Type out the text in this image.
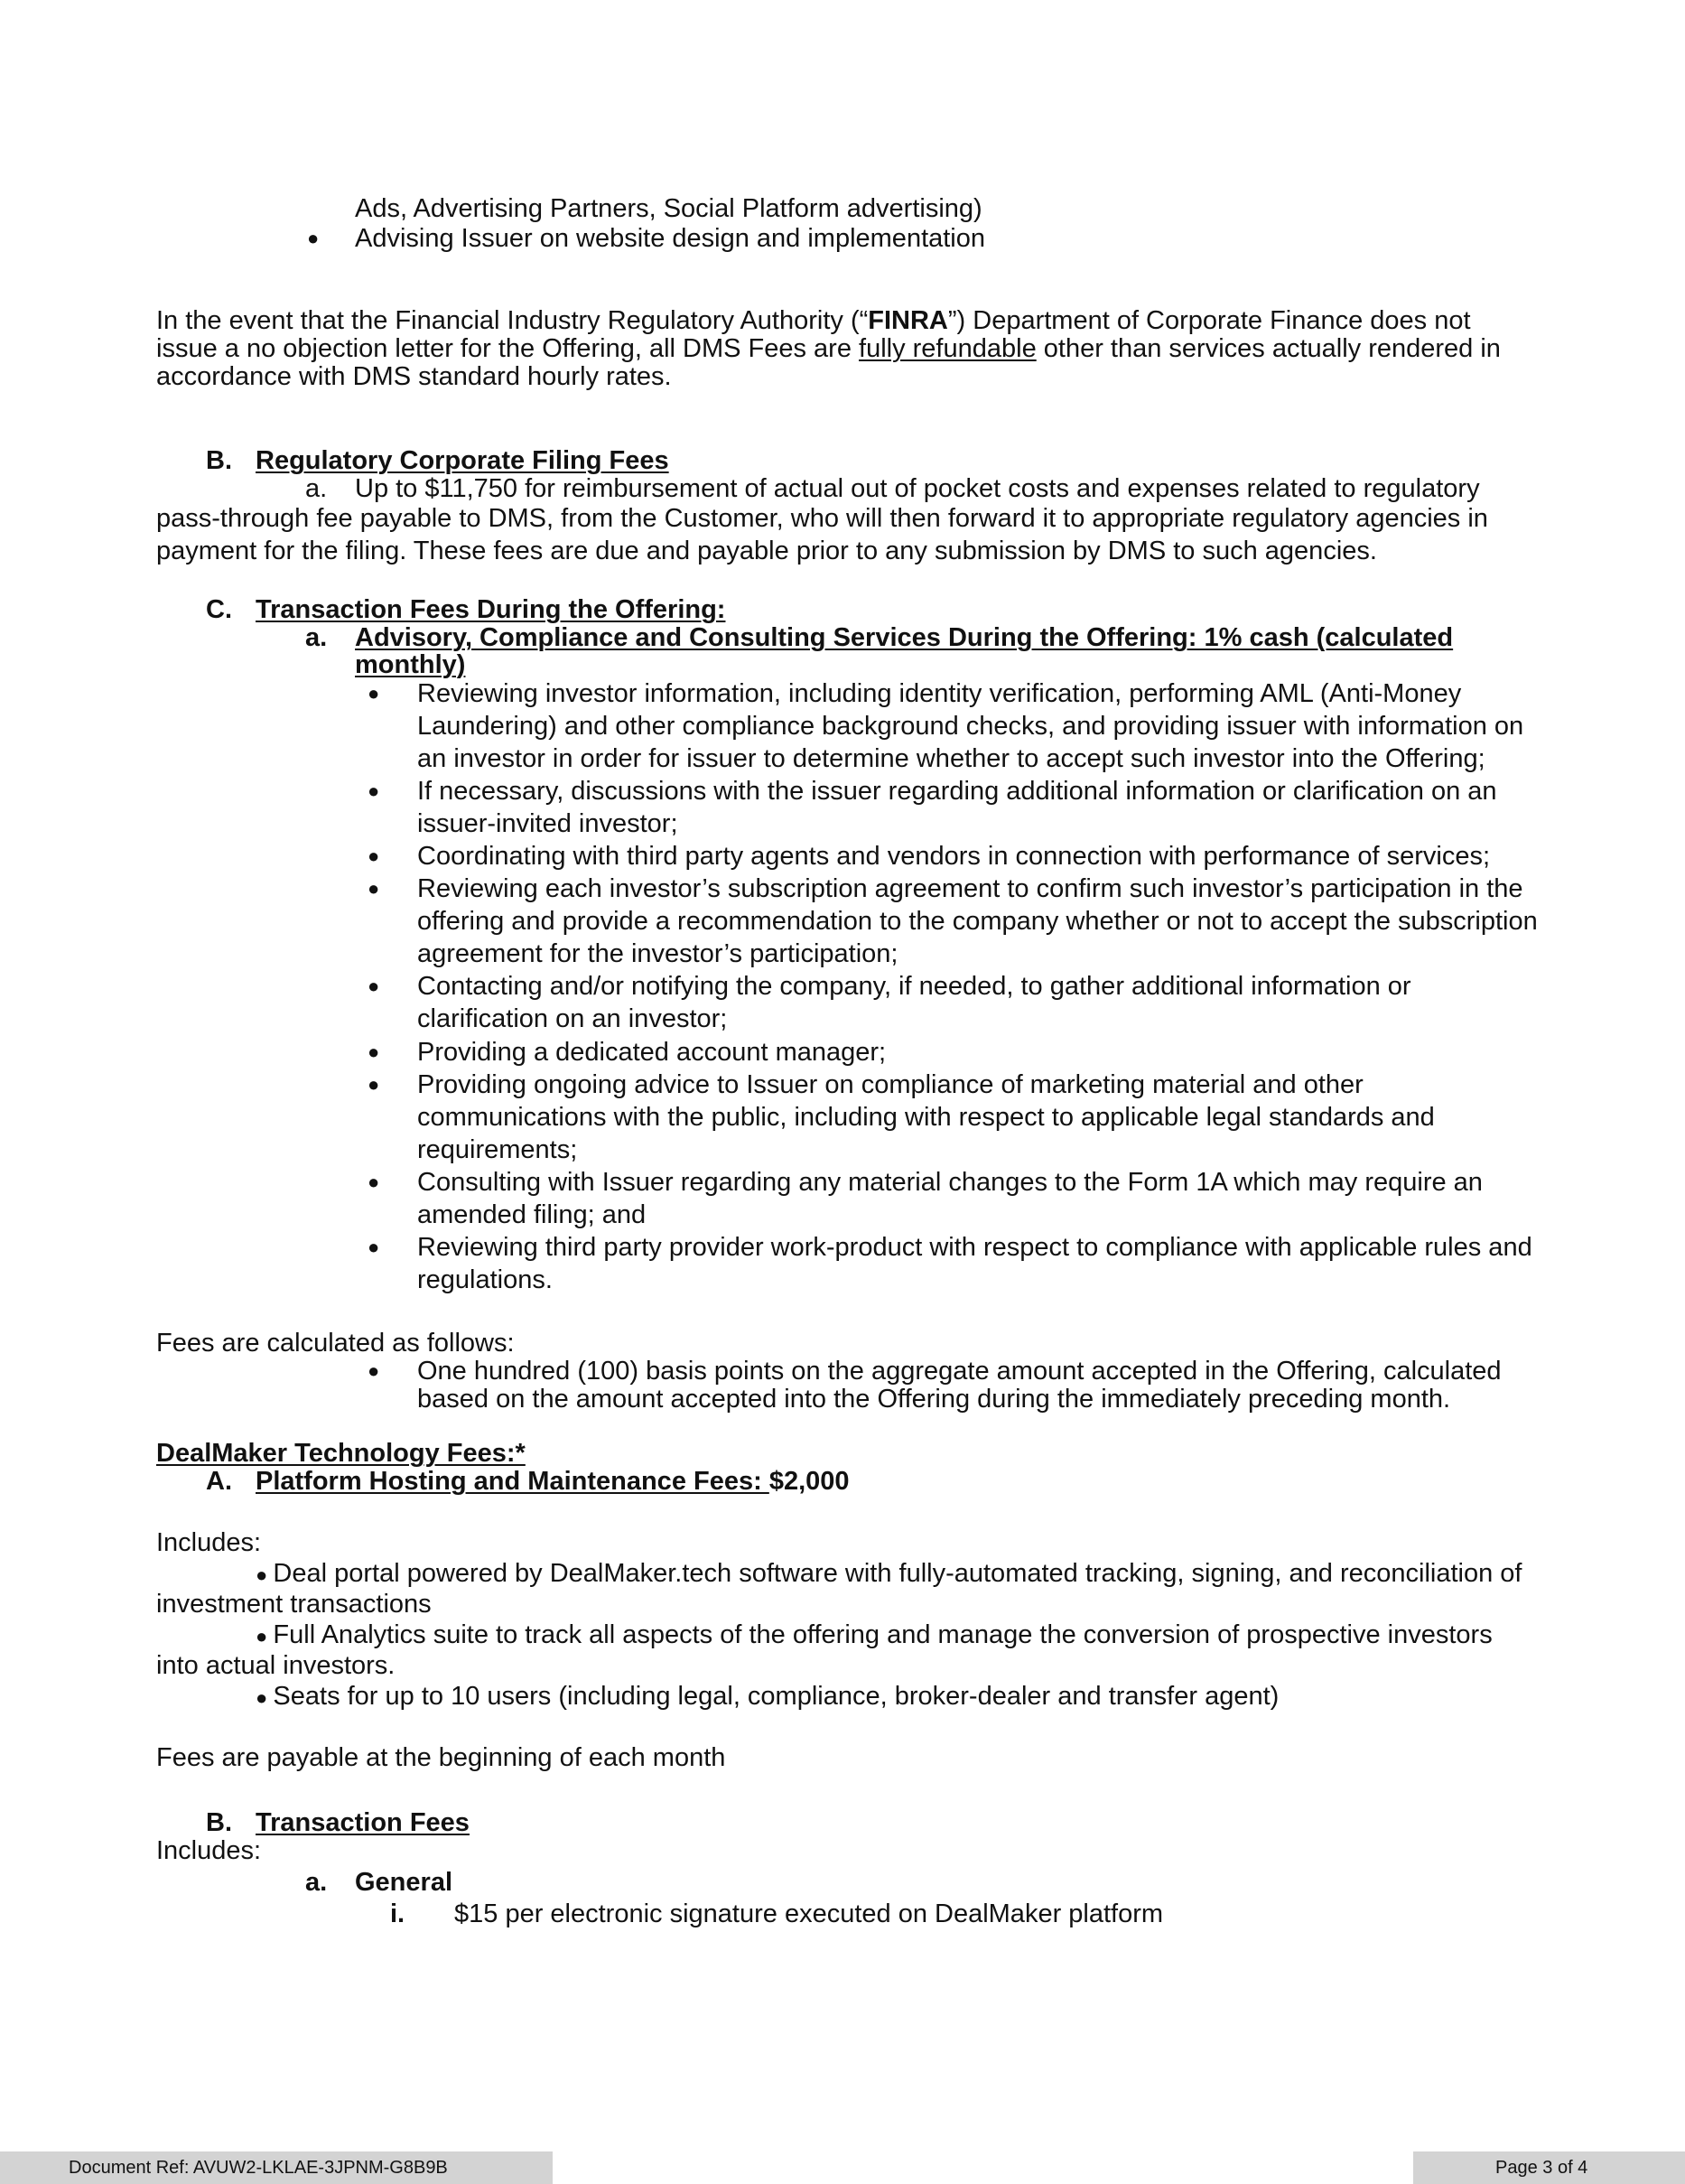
Ads, Advertising Partners, Social Platform advertising)
● Advising Issuer on website design and implementation
In the event that the Financial Industry Regulatory Authority (“FINRA”) Department of Corporate Finance does not
issue a no objection letter for the Offering, all DMS Fees are fully refundable other than services actually rendered in
accordance with DMS standard hourly rates.
B. Regulatory Corporate Filing Fees
a. Up to $11,750 for reimbursement of actual out of pocket costs and expenses related to regulatory
pass-through fee payable to DMS, from the Customer, who will then forward it to appropriate regulatory agencies in
payment for the filing. These fees are due and payable prior to any submission by DMS to such agencies.
C. Transaction Fees During the Offering:
a. Advisory, Compliance and Consulting Services During the Offering: 1% cash (calculated
monthly)
● Reviewing investor information, including identity verification, performing AML (Anti-Money
Laundering) and other compliance background checks, and providing issuer with information on
an investor in order for issuer to determine whether to accept such investor into the Offering;
● If necessary, discussions with the issuer regarding additional information or clarification on an
issuer-invited investor;
● Coordinating with third party agents and vendors in connection with performance of services;
● Reviewing each investor’s subscription agreement to confirm such investor’s participation in the
offering and provide a recommendation to the company whether or not to accept the subscription
agreement for the investor’s participation;
● Contacting and/or notifying the company, if needed, to gather additional information or
clarification on an investor;
● Providing a dedicated account manager;
● Providing ongoing advice to Issuer on compliance of marketing material and other
communications with the public, including with respect to applicable legal standards and
requirements;
● Consulting with Issuer regarding any material changes to the Form 1A which may require an
amended filing; and
● Reviewing third party provider work-product with respect to compliance with applicable rules and
regulations.
Fees are calculated as follows:
● One hundred (100) basis points on the aggregate amount accepted in the Offering, calculated
based on the amount accepted into the Offering during the immediately preceding month.
DealMaker Technology Fees:*
A. Platform Hosting and Maintenance Fees: $2,000
Includes:
● Deal portal powered by DealMaker.tech software with fully-automated tracking, signing, and reconciliation of
investment transactions
● Full Analytics suite to track all aspects of the offering and manage the conversion of prospective investors
into actual investors.
● Seats for up to 10 users (including legal, compliance, broker-dealer and transfer agent)
Fees are payable at the beginning of each month
B. Transaction Fees
Includes:
a. General
i. $15 per electronic signature executed on DealMaker platform
Document Ref: AVUW2-LKLAE-3JPNM-G8B9B	Page 3 of 4
